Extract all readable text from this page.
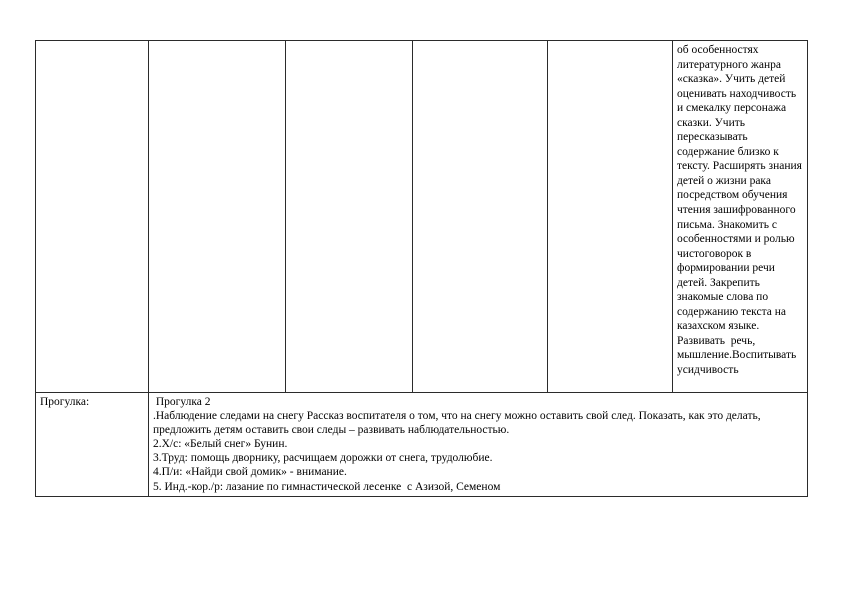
					об особенностях литературного жанра «сказка». Учить детей оценивать находчивость и смекалку персонажа сказки. Учить пересказывать содержание близко к тексту. Расширять знания детей о жизни рака посредством обучения чтения зашифрованного письма. Знакомить с особенностями и ролью чистоговорок в формировании речи детей. Закрепить знакомые слова по содержанию текста на казахском языке. Развивать  речь, мышление.Воспитывать усидчивость
Прогулка:	Прогулка 2
.Наблюдение следами на снегу Рассказ воспитателя о том, что на снегу можно оставить свой след. Показать, как это делать, предложить детям оставить свои следы – развивать наблюдательностью.
2.Х/с: «Белый снег» Бунин.
3.Труд: помощь дворнику, расчищаем дорожки от снега, трудолюбие.
4.П/и: «Найди свой домик» - внимание.
5. Инд.-кор./р: лазание по гимнастической лесенке  с Азизой, Семеном
